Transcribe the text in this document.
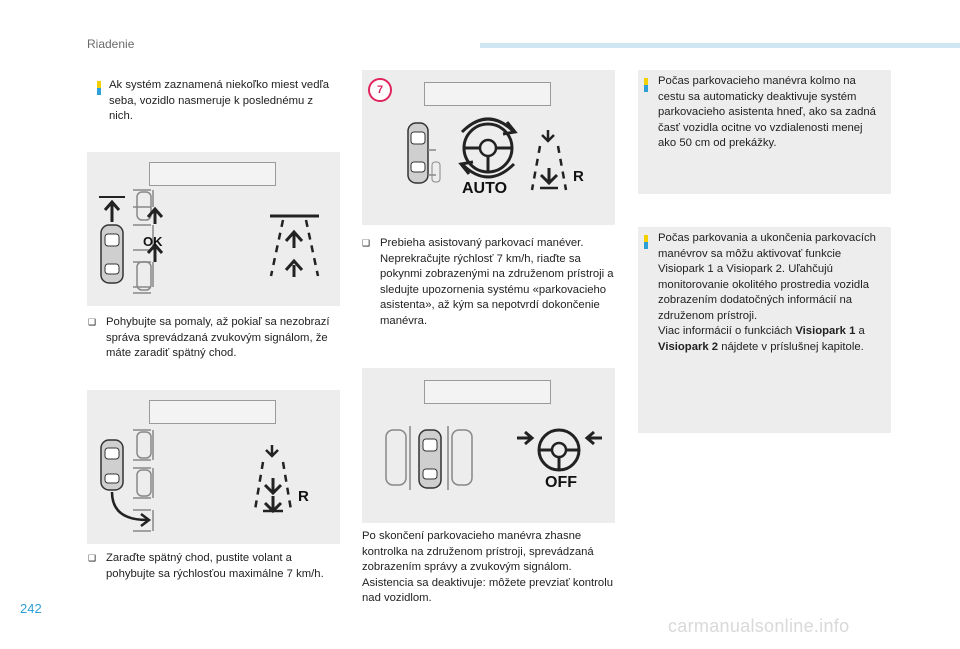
Riadenie
242
carmanualsonline.info
Ak systém zaznamená niekoľko miest vedľa seba, vozidlo nasmeruje k poslednému z nich.
OK
❑ Pohybujte sa pomaly, až pokiaľ sa nezobrazí správa sprevádzaná zvukovým signálom, že máte zaradiť spätný chod.
R
❑ Zaraďte spätný chod, pustite volant a pohybujte sa rýchlosťou maximálne 7 km/h.
7
AUTO
R
❑ Prebieha asistovaný parkovací manéver. Neprekračujte rýchlosť 7 km/h, riaďte sa pokynmi zobrazenými na združenom prístroji a sledujte upozornenia systému «parkovacieho asistenta», až kým sa nepotvrdí dokončenie manévra.
OFF
Po skončení parkovacieho manévra zhasne kontrolka na združenom prístroji, sprevádzaná zobrazením správy a zvukovým signálom. Asistencia sa deaktivuje: môžete prevziať kontrolu nad vozidlom.
Počas parkovacieho manévra kolmo na cestu sa automaticky deaktivuje systém parkovacieho asistenta hneď, ako sa zadná časť vozidla ocitne vo vzdialenosti menej ako 50 cm od prekážky.
Počas parkovania a ukončenia parkovacích manévrov sa môžu aktivovať funkcie Visiopark 1 a Visiopark 2. Uľahčujú monitorovanie okolitého prostredia vozidla zobrazením dodatočných informácií na združenom prístroji.
Viac informácií o funkciách Visiopark 1 a Visiopark 2 nájdete v príslušnej kapitole.
